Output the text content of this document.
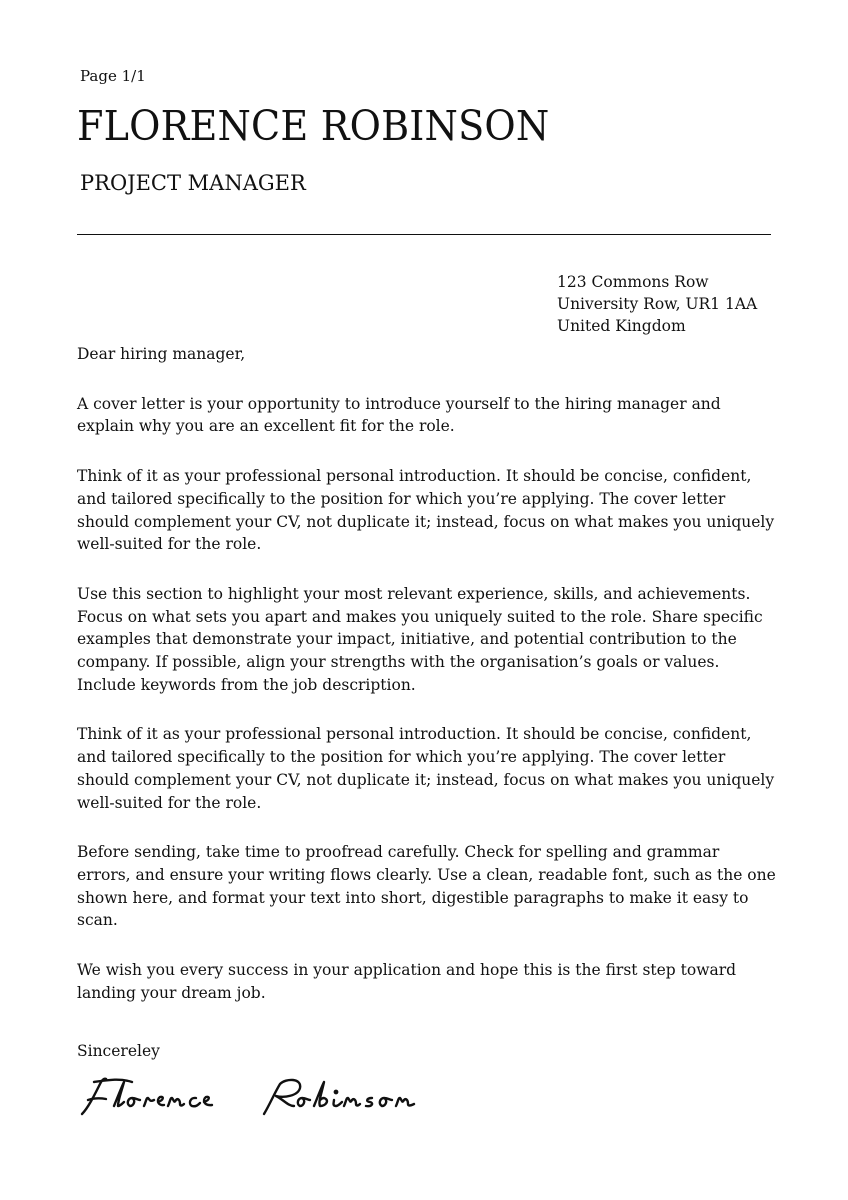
Page 1/1
FLORENCE ROBINSON
PROJECT MANAGER
123 Commons Row
University Row, UR1 1AA
United Kingdom

Dear hiring manager,

A cover letter is your opportunity to introduce yourself to the hiring manager and explain why you are an excellent fit for the role.

Think of it as your professional personal introduction. It should be concise, confident, and tailored specifically to the position for which you’re applying. The cover letter should complement your CV, not duplicate it; instead, focus on what makes you uniquely well-suited for the role.

Use this section to highlight your most relevant experience, skills, and achievements. Focus on what sets you apart and makes you uniquely suited to the role. Share specific examples that demonstrate your impact, initiative, and potential contribution to the company. If possible, align your strengths with the organisation’s goals or values. Include keywords from the job description.

Think of it as your professional personal introduction. It should be concise, confident, and tailored specifically to the position for which you’re applying. The cover letter should complement your CV, not duplicate it; instead, focus on what makes you uniquely well-suited for the role.

Before sending, take time to proofread carefully. Check for spelling and grammar errors, and ensure your writing flows clearly. Use a clean, readable font, such as the one shown here, and format your text into short, digestible paragraphs to make it easy to scan.

We wish you every success in your application and hope this is the first step toward landing your dream job.

Sincereley
